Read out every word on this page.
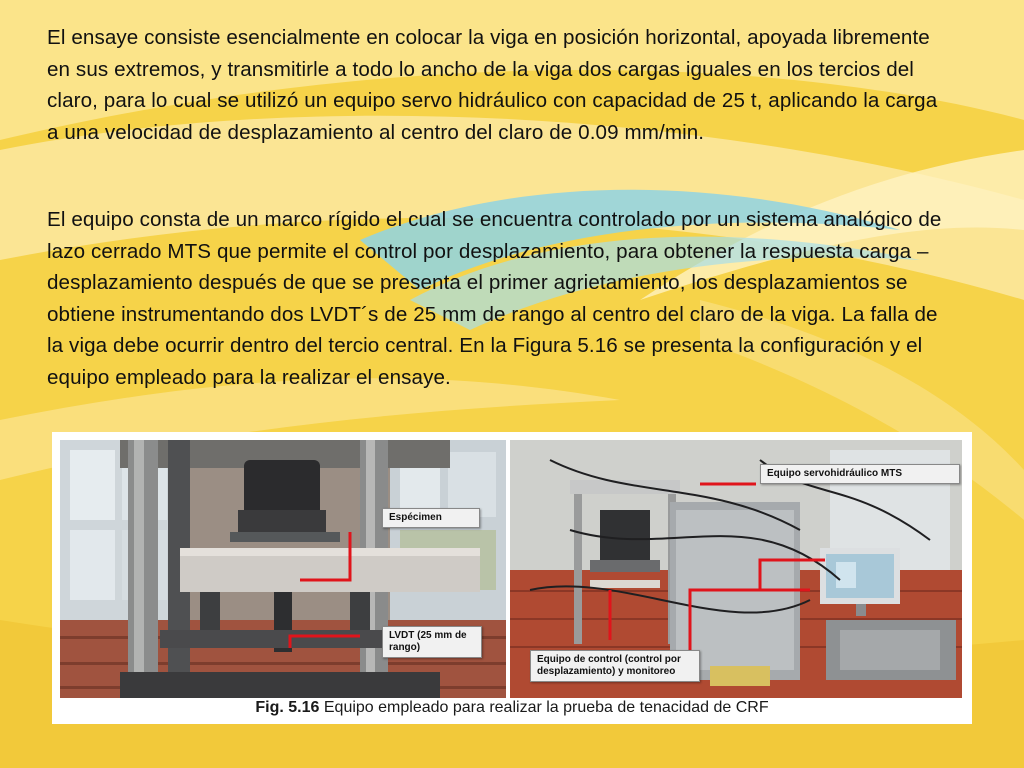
El ensaye consiste esencialmente en colocar la viga en posición horizontal, apoyada libremente en sus extremos, y transmitirle a todo lo ancho de la viga dos cargas iguales en los tercios del claro, para lo cual se utilizó un equipo servo hidráulico con capacidad de 25 t, aplicando la carga a una velocidad de desplazamiento al centro del claro de 0.09 mm/min.

El equipo consta de un marco rígido el cual se encuentra controlado por un sistema analógico de lazo cerrado MTS que permite el control por desplazamiento, para obtener la respuesta carga – desplazamiento después de que se presenta el primer agrietamiento, los desplazamientos se obtiene instrumentando dos LVDT´s de 25 mm de rango al centro del claro de la viga. La falla de la viga debe ocurrir dentro del tercio central. En la Figura 5.16 se presenta la configuración y el equipo empleado para la realizar el ensaye.

Espécimen
LVDT (25 mm de rango)
Equipo servohidráulico MTS
Equipo de control (control por desplazamiento) y monitoreo
Fig. 5.16 Equipo empleado para realizar la prueba de tenacidad de CRF
